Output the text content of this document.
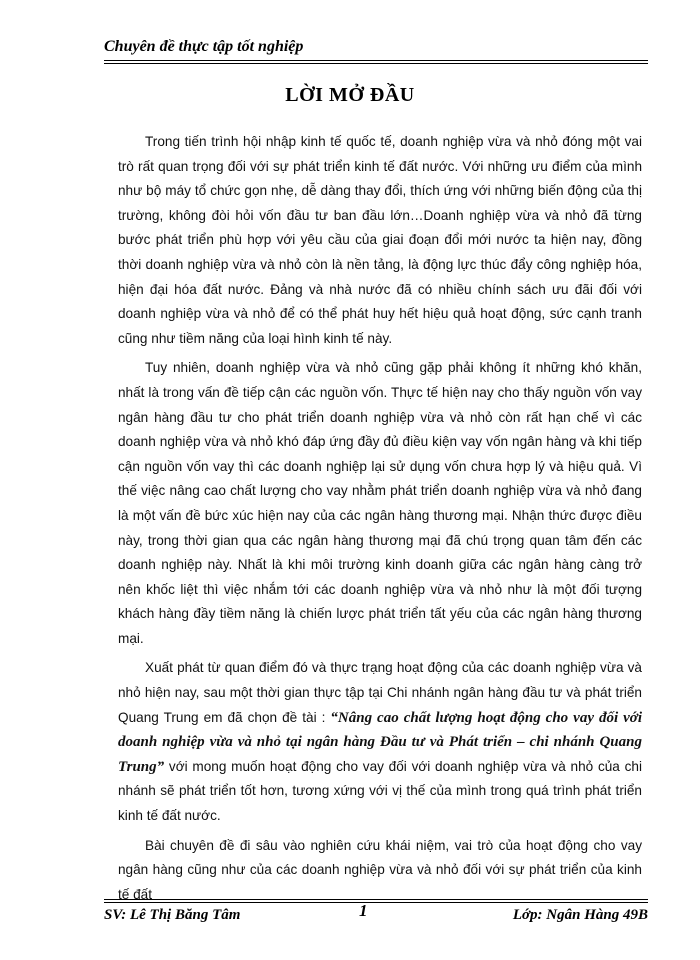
Chuyên đề thực tập tốt nghiệp
LỜI MỞ ĐẦU

Trong tiến trình hội nhập kinh tế quốc tế, doanh nghiệp vừa và nhỏ đóng một vai trò rất quan trọng đối với sự phát triển kinh tế đất nước. Với những ưu điểm của mình như bộ máy tổ chức gọn nhẹ, dễ dàng thay đổi, thích ứng với những biến động của thị trường, không đòi hỏi vốn đầu tư ban đầu lớn…Doanh nghiệp vừa và nhỏ đã từng bước phát triển phù hợp với yêu cầu của giai đoạn đổi mới nước ta hiện nay, đồng thời doanh nghiệp vừa và nhỏ còn là nền tảng, là động lực thúc đẩy công nghiệp hóa, hiện đại hóa đất nước. Đảng và nhà nước đã có nhiều chính sách ưu đãi đối với doanh nghiệp vừa và nhỏ để có thể phát huy hết hiệu quả hoạt động, sức cạnh tranh cũng như tiềm năng của loại hình kinh tế này.

Tuy nhiên, doanh nghiệp vừa và nhỏ cũng gặp phải không ít những khó khăn, nhất là trong vấn đề tiếp cận các nguồn vốn. Thực tế hiện nay cho thấy nguồn vốn vay ngân hàng đầu tư cho phát triển doanh nghiệp vừa và nhỏ còn rất hạn chế vì các doanh nghiệp vừa và nhỏ khó đáp ứng đầy đủ điều kiện vay vốn ngân hàng và khi tiếp cận nguồn vốn vay thì các doanh nghiệp lại sử dụng vốn chưa hợp lý và hiệu quả. Vì thế việc nâng cao chất lượng cho vay nhằm phát triển doanh nghiệp vừa và nhỏ đang là một vấn đề bức xúc hiện nay của các ngân hàng thương mại. Nhận thức được điều này, trong thời gian qua các ngân hàng thương mại đã chú trọng quan tâm đến các doanh nghiệp này. Nhất là khi môi trường kinh doanh giữa các ngân hàng càng trở nên khốc liệt thì việc nhắm tới các doanh nghiệp vừa và nhỏ như là một đối tượng khách hàng đầy tiềm năng là chiến lược phát triển tất yếu của các ngân hàng thương mại.

Xuất phát từ quan điểm đó và thực trạng hoạt động của các doanh nghiệp vừa và nhỏ hiện nay, sau một thời gian thực tập tại Chi nhánh ngân hàng đầu tư và phát triển Quang Trung em đã chọn đề tài : “Nâng cao chất lượng hoạt động cho vay đối với doanh nghiệp vừa và nhỏ tại ngân hàng Đầu tư và Phát triển – chi nhánh Quang Trung” với mong muốn hoạt động cho vay đối với doanh nghiệp vừa và nhỏ của chi nhánh sẽ phát triển tốt hơn, tương xứng với vị thế của mình trong quá trình phát triển kinh tế đất nước.

Bài chuyên đề đi sâu vào nghiên cứu khái niệm, vai trò của hoạt động cho vay ngân hàng cũng như của các doanh nghiệp vừa và nhỏ đối với sự phát triển của kinh tế đất

SV: Lê Thị Băng Tâm	1	Lớp: Ngân Hàng 49B
